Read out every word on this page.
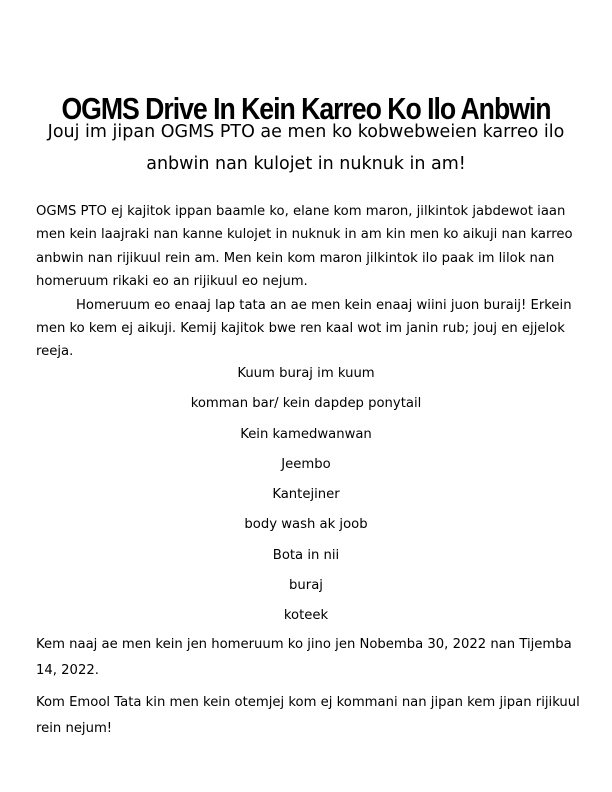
OGMS Drive In Kein Karreo Ko Ilo Anbwin
Jouj im jipan OGMS PTO ae men ko kobwebweien karreo ilo anbwin nan kulojet in nuknuk in am!

OGMS PTO ej kajitok ippan baamle ko, elane kom maron, jilkintok jabdewot iaan men kein laajraki nan kanne kulojet in nuknuk in am kin men ko aikuji nan karreo anbwin nan rijikuul rein am. Men kein kom maron jilkintok ilo paak im lilok nan homeruum rikaki eo an rijikuul eo nejum.

Homeruum eo enaaj lap tata an ae men kein enaaj wiini juon buraij! Erkein men ko kem ej aikuji. Kemij kajitok bwe ren kaal wot im janin rub; jouj en ejjelok reeja.

Kuum buraj im kuum
komman bar/ kein dapdep ponytail
Kein kamedwanwan
Jeembo
Kantejiner
body wash ak joob
Bota in nii
buraj
koteek

Kem naaj ae men kein jen homeruum ko jino jen Nobemba 30, 2022 nan Tijemba 14, 2022.

Kom Emool Tata kin men kein otemjej kom ej kommani nan jipan kem jipan rijikuul rein nejum!
